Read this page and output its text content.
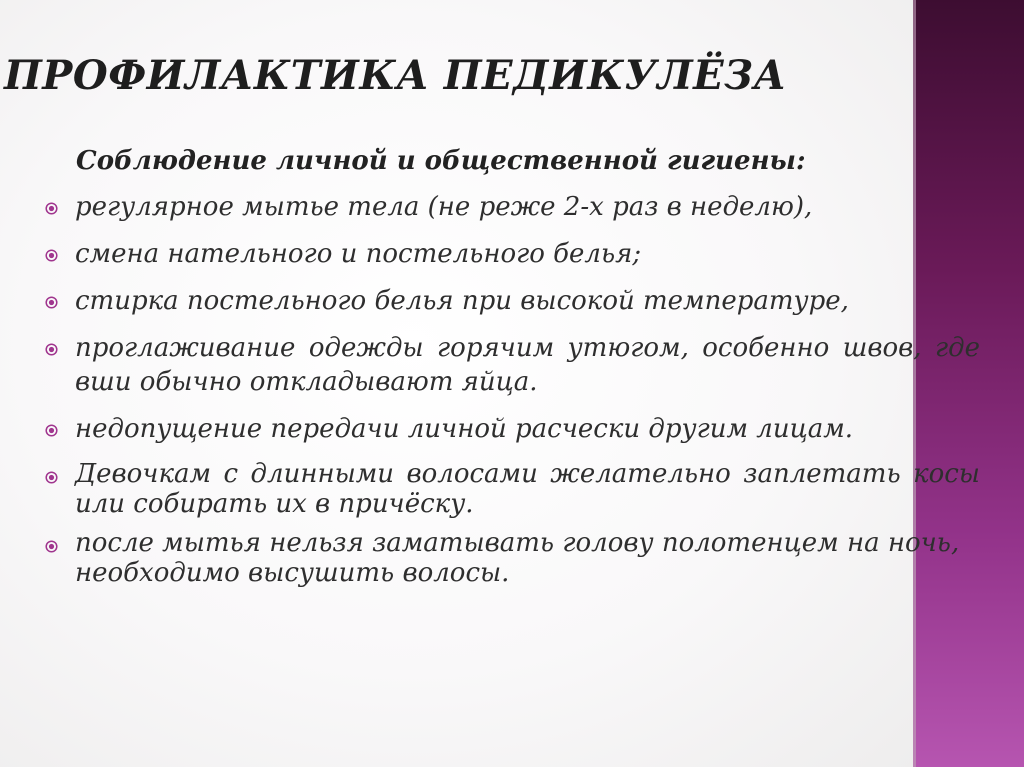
ПРОФИЛАКТИКА ПЕДИКУЛЁЗА

Соблюдение личной и общественной гигиены:

регулярное мытье тела (не реже 2-х раз в неделю),
смена нательного и постельного белья;
стирка постельного белья при высокой температуре,
проглаживание одежды горячим утюгом, особенно швов, где вши обычно откладывают яйца.
недопущение передачи личной расчески другим лицам.
Девочкам с длинными волосами желательно заплетать косы или собирать их в причёску.
после мытья нельзя заматывать голову полотенцем на ночь, необходимо высушить волосы.
